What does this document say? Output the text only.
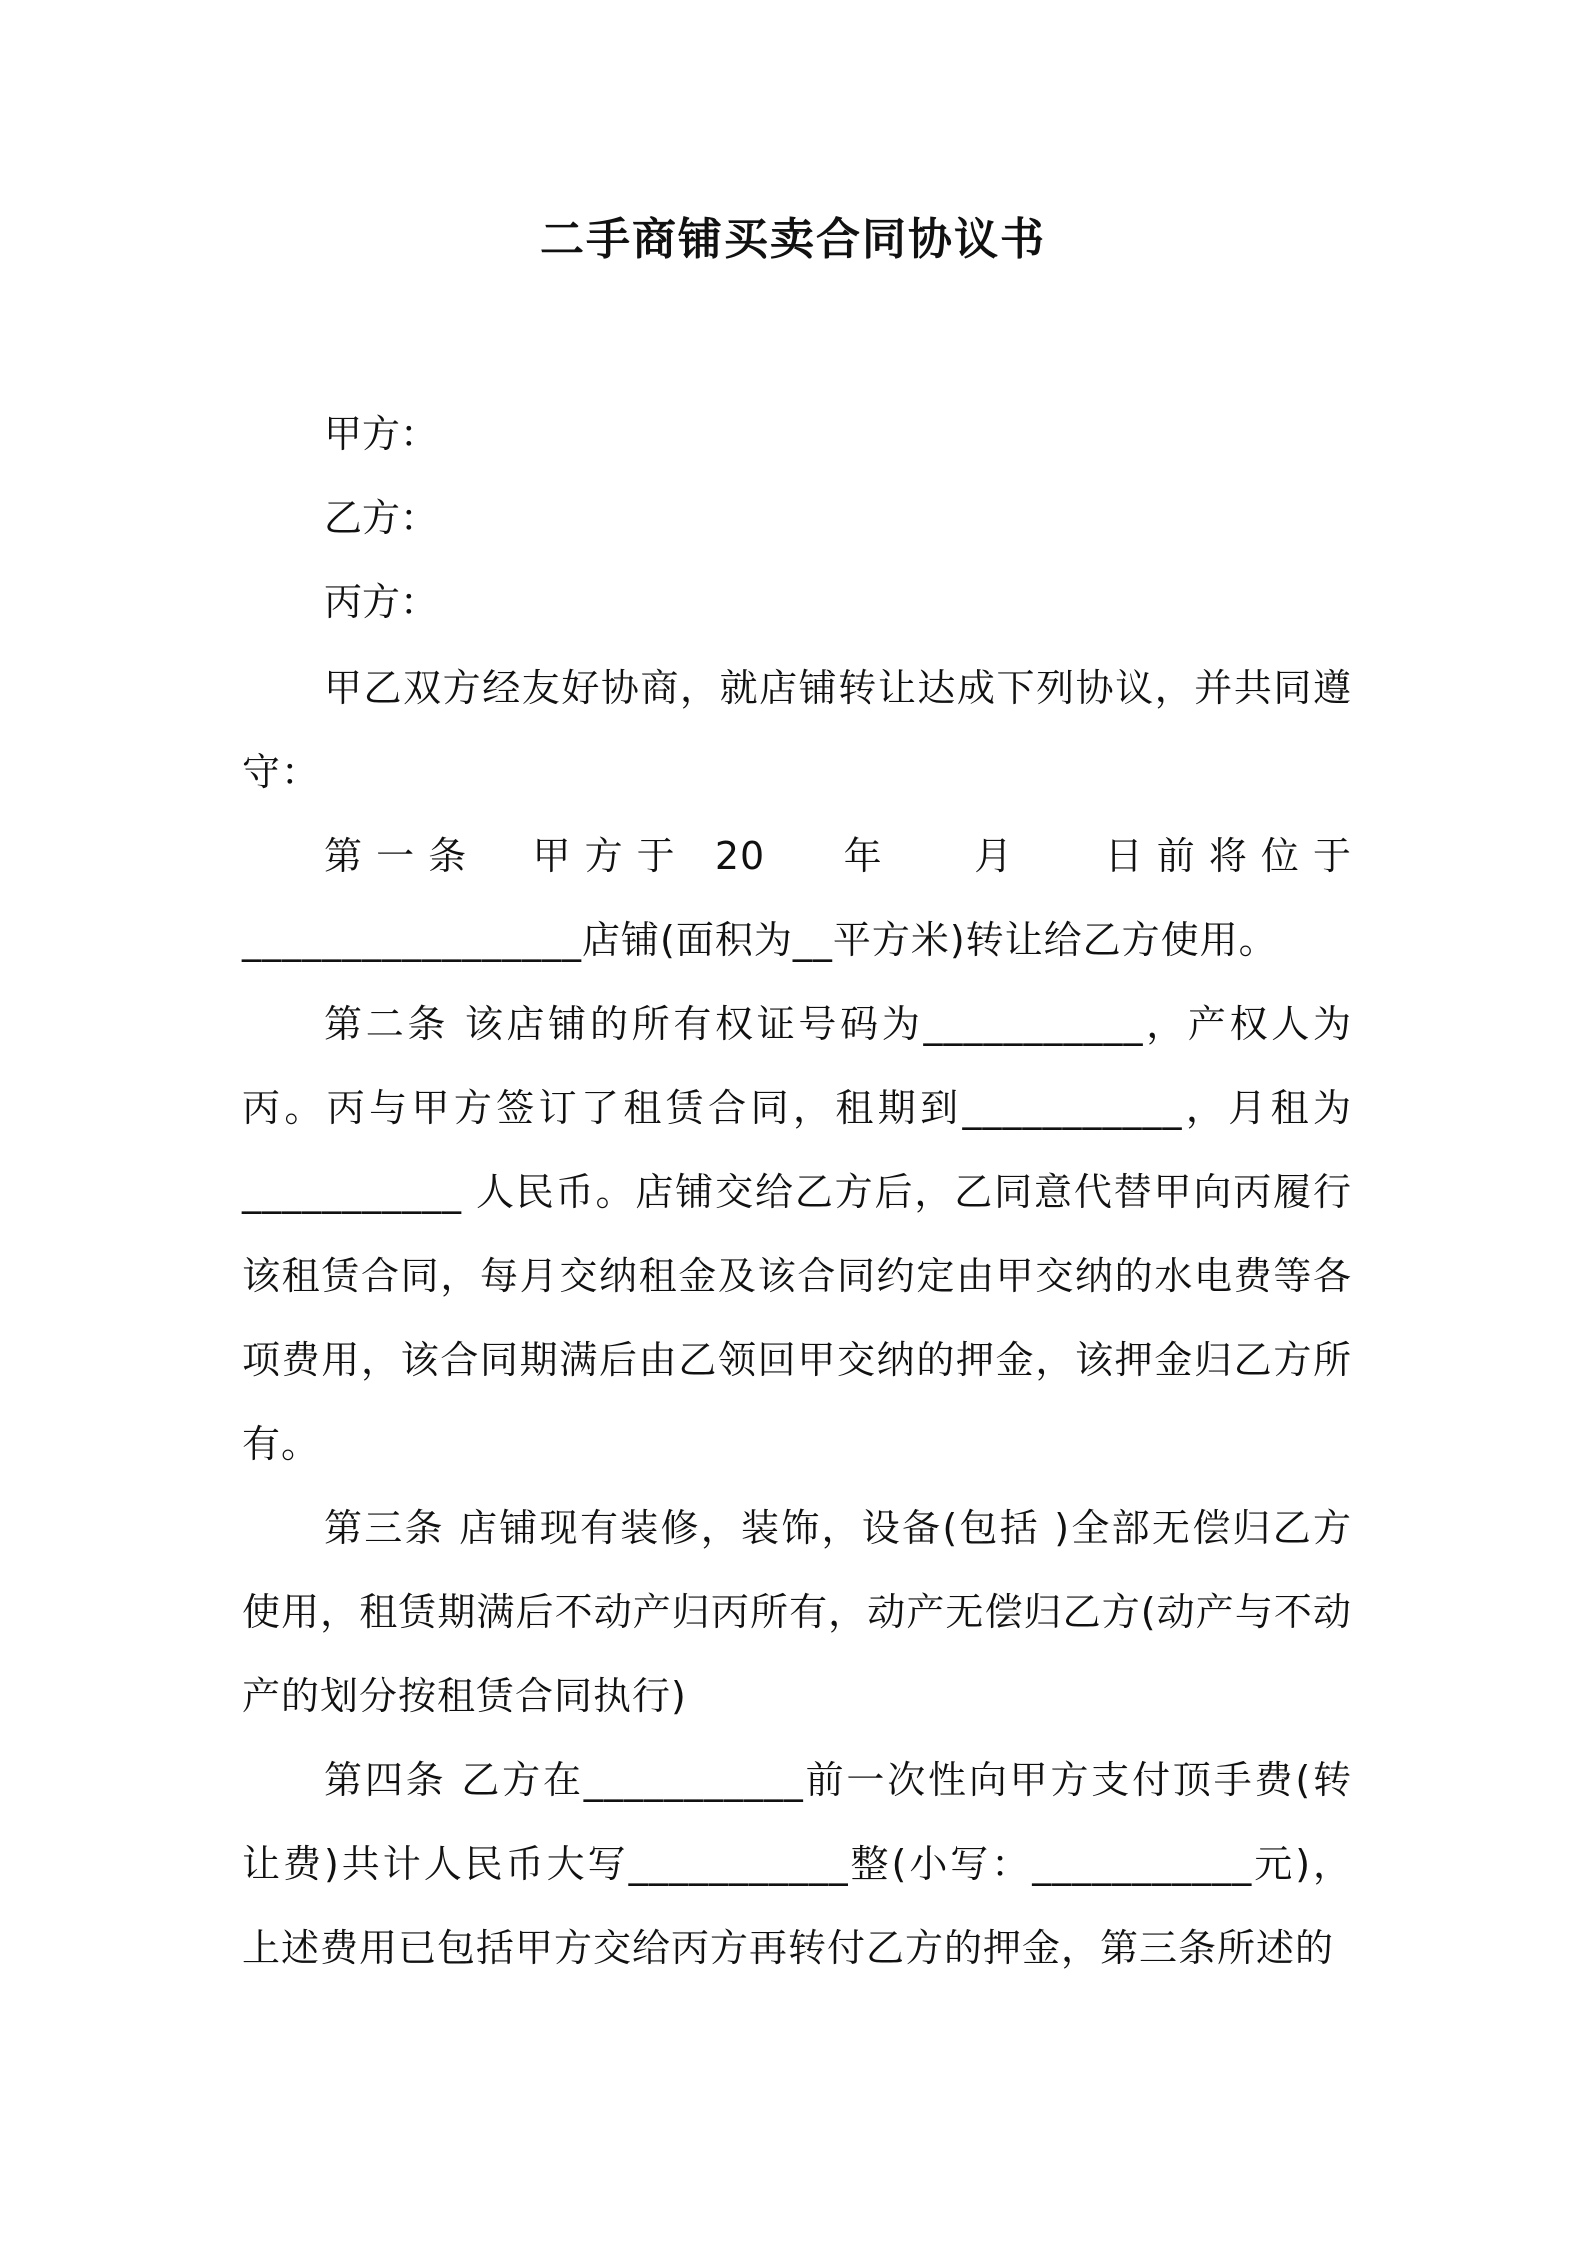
二手商铺买卖合同协议书
甲方：
乙方：
丙方：

甲乙双方经友好协商，就店铺转让达成下列协议，并共同遵守：

第一条  甲方于 20   年   月   日前将位于

_________________店铺(面积为__平方米)转让给乙方使用。

第二条 该店铺的所有权证号码为___________，产权人为丙。丙与甲方签订了租赁合同，租期到___________，月租为___________ 人民币。店铺交给乙方后，乙同意代替甲向丙履行该租赁合同，每月交纳租金及该合同约定由甲交纳的水电费等各项费用，该合同期满后由乙领回甲交纳的押金，该押金归乙方所有。

第三条 店铺现有装修，装饰，设备(包括 )全部无偿归乙方使用，租赁期满后不动产归丙所有，动产无偿归乙方(动产与不动产的划分按租赁合同执行)

第四条 乙方在___________前一次性向甲方支付顶手费(转让费)共计人民币大写___________整(小写：___________元)，上述费用已包括甲方交给丙方再转付乙方的押金，第三条所述的
